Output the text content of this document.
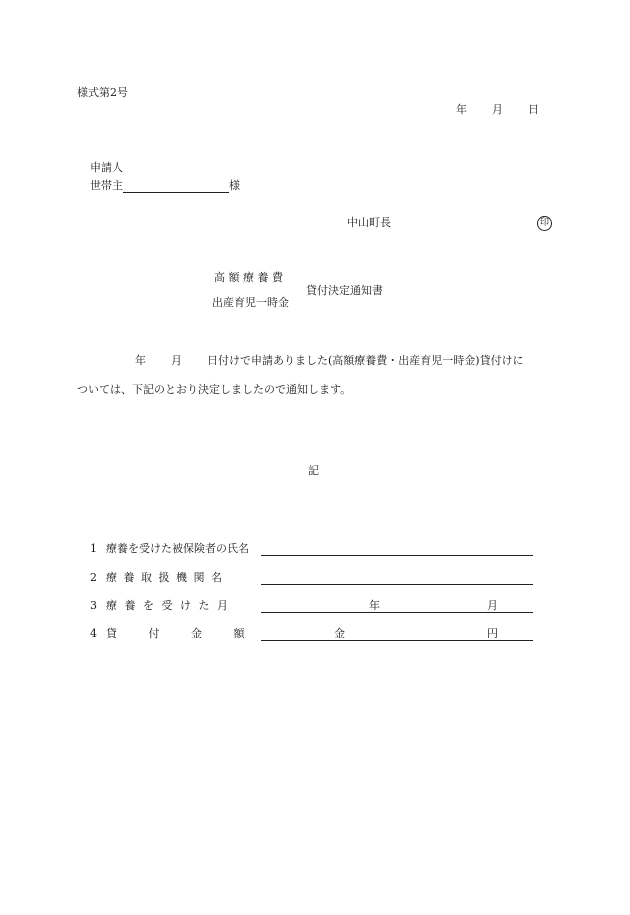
様式第2号
年 月 日
申請人
世帯主	様
中山町長	印
高 額 療 養 費
出産育児一時金
貸付決定通知書
年 月 日付けで申請ありました(高額療養費・出産育児一時金)貸付けに
ついては、下記のとおり決定しましたので通知します。
記
1 療養を受けた被保険者の氏名
2 療 養 取 扱 機 関 名
3 療 養 を 受 け た 月	年	月
4 貸 付 金 額	金	円
